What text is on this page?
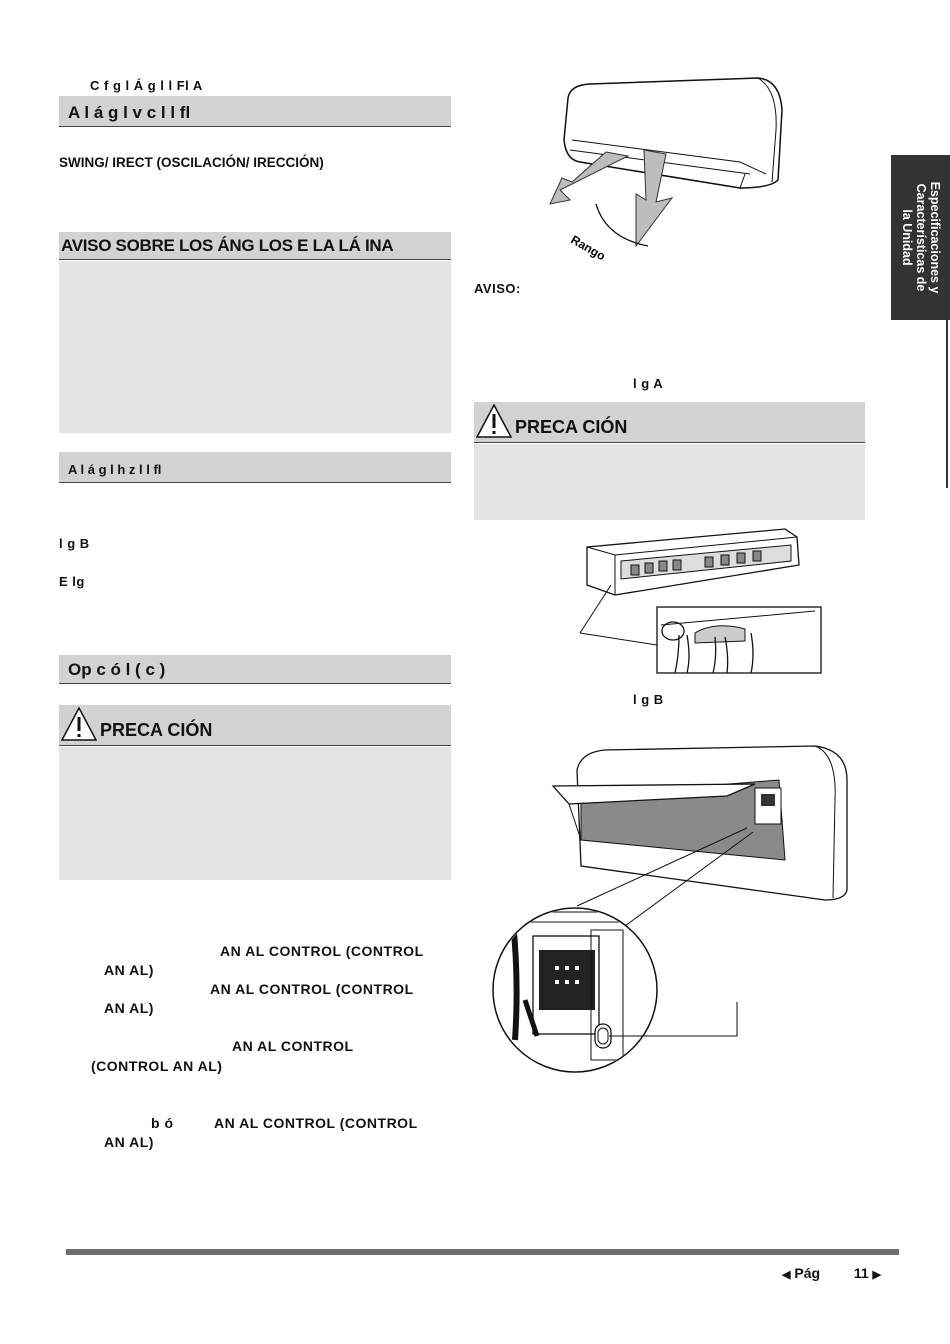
C f g l Á g l l Fl A
A l á g l v c l l fl
SWING/ IRECT (OSCILACIÓN/ IRECCIÓN)
AVISO SOBRE LOS ÁNG LOS E LA LÁ INA
A l á g l h z l l fl
l g B
E lg
Op c ó l ( c )
PRECA CIÓN
AN AL CONTROL (CONTROL
AN AL)
AN AL CONTROL (CONTROL
AN AL)
AN AL CONTROL
(CONTROL AN AL)
b ó	AN AL CONTROL (CONTROL
AN AL)
Rango
AVISO:
l g A
PRECA CIÓN
l g B
Especificaciones y
Características de
la Unidad
◀ Pág 11 ▶
